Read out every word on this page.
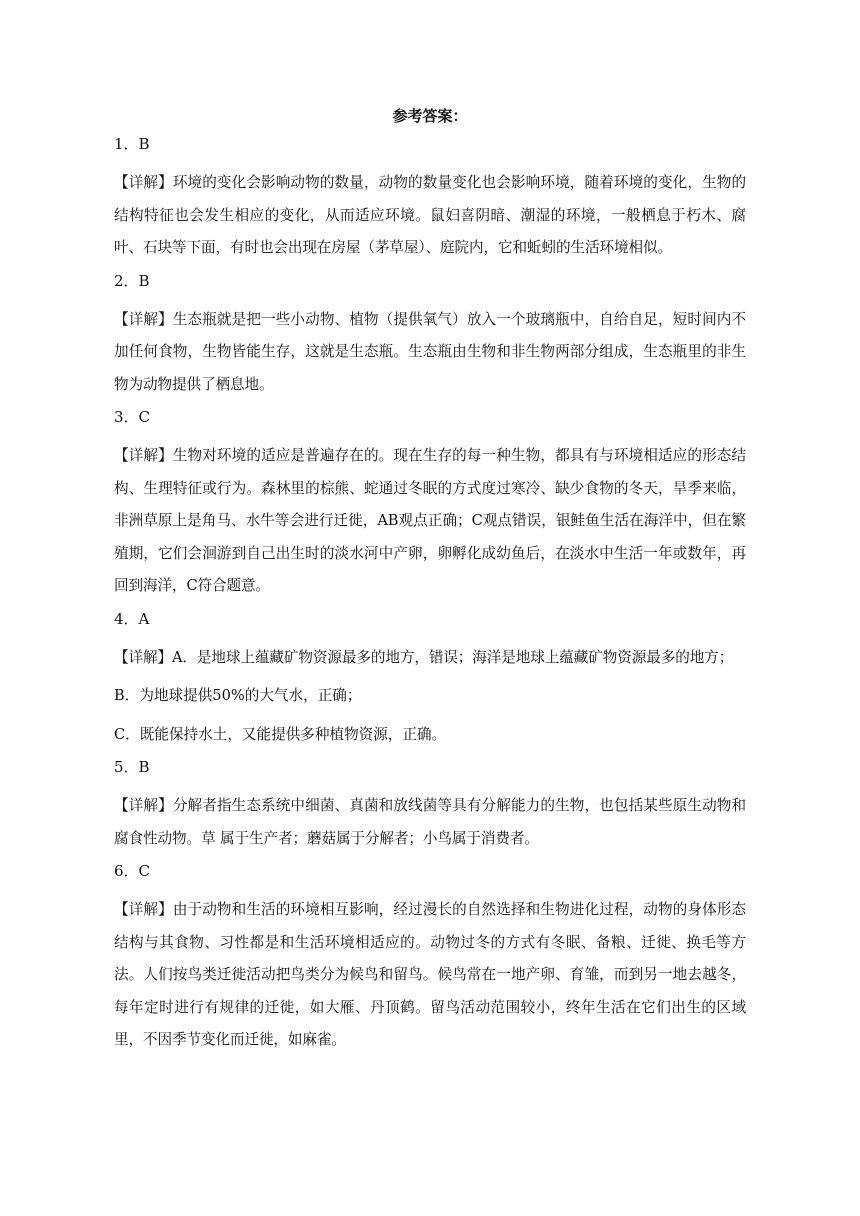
参考答案：
1．B
【详解】环境的变化会影响动物的数量，动物的数量变化也会影响环境，随着环境的变化，生物的结构特征也会发生相应的变化，从而适应环境。鼠妇喜阴暗、潮湿的环境，一般栖息于朽木、腐叶、石块等下面，有时也会出现在房屋（茅草屋）、庭院内，它和蚯蚓的生活环境相似。
2．B
【详解】生态瓶就是把一些小动物、植物（提供氧气）放入一个玻璃瓶中，自给自足，短时间内不加任何食物，生物皆能生存，这就是生态瓶。生态瓶由生物和非生物两部分组成，生态瓶里的非生物为动物提供了栖息地。
3．C
【详解】生物对环境的适应是普遍存在的。现在生存的每一种生物，都具有与环境相适应的形态结构、生理特征或行为。森林里的棕熊、蛇通过冬眠的方式度过寒冷、缺少食物的冬天，旱季来临，非洲草原上是角马、水牛等会进行迁徙，AB观点正确；C观点错误，银鲑鱼生活在海洋中，但在繁殖期，它们会洄游到自己出生时的淡水河中产卵，卵孵化成幼鱼后，在淡水中生活一年或数年，再回到海洋，C符合题意。
4．A
【详解】A．是地球上蕴藏矿物资源最多的地方，错误；海洋是地球上蕴藏矿物资源最多的地方；
B．为地球提供50%的大气水，正确；
C．既能保持水土，又能提供多种植物资源，正确。
5．B
【详解】分解者指生态系统中细菌、真菌和放线菌等具有分解能力的生物，也包括某些原生动物和腐食性动物。草 属于生产者；蘑菇属于分解者；小鸟属于消费者。
6．C
【详解】由于动物和生活的环境相互影响，经过漫长的自然选择和生物进化过程，动物的身体形态结构与其食物、习性都是和生活环境相适应的。动物过冬的方式有冬眠、备粮、迁徙、换毛等方法。人们按鸟类迁徙活动把鸟类分为候鸟和留鸟。候鸟常在一地产卵、育雏，而到另一地去越冬，每年定时进行有规律的迁徙，如大雁、丹顶鹤。留鸟活动范围较小，终年生活在它们出生的区域里，不因季节变化而迁徙，如麻雀。
